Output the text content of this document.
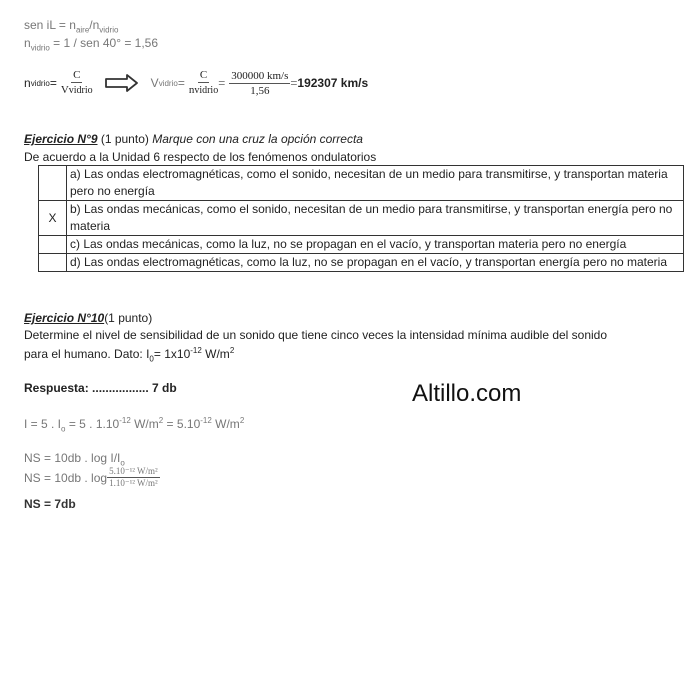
sen iL = $n_{aire}/n_{vidrio}$
$n_{vidrio} = 1$ / sen 40° = 1,56
n vidrio = $\frac{C}{\text{Vvidrio}}$	V vidrio = $\frac{C}{\text{nvidrio}} = \frac{300000 km/s}{1,56} = 192307$ km/s
Ejercicio N°9 (1 punto) Marque con una cruz la opción correcta
De acuerdo a la Unidad 6 respecto de los fenómenos ondulatorios
	a) Las ondas electromagnéticas, como el sonido, necesitan de un medio para transmitirse, y transportan materia pero no energía
X	b) Las ondas mecánicas, como el sonido, necesitan de un medio para transmitirse, y transportan energía pero no materia
	c) Las ondas mecánicas, como la luz, no se propagan en el vacío, y transportan materia pero no energía
	d) Las ondas electromagnéticas, como la luz, no se propagan en el vacío, y transportan energía pero no materia
Ejercicio N°10(1 punto)
Determine el nivel de sensibilidad de un sonido que tiene cinco veces la intensidad mínima audible del sonido
para el humano. Dato: $I_0= 1x10^{-12}$ $W/m^2$
Respuesta: ................. 7 db	Altillo.com
I = 5 . $I_o = 5$ . $1.10^{-12}$ $W/m^2 = 5.10^{-12}$ $W/m^2$
NS = 10db . $\log I/I_o$
NS = 10db . $\log \frac{\text{5.10⁻¹² W/m²}}{\text{1.10⁻¹² W/m²}}$
NS = 7db
